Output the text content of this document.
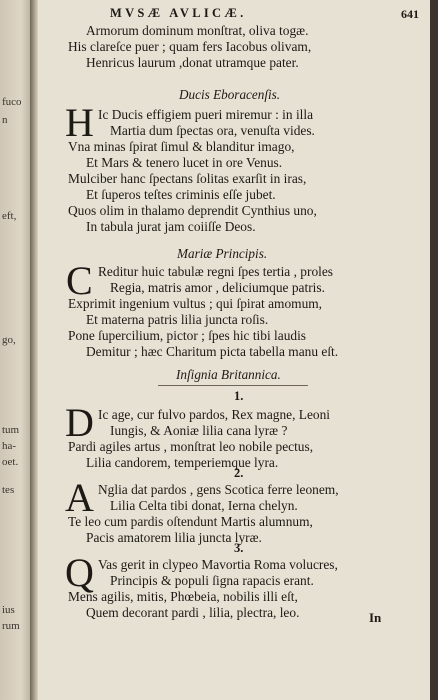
fuco
n
eft,
go,
tum
ha-
oet.
tes
ius
rum
MVSÆ AVLICÆ.	641
Armorum dominum monſtrat, oliva togæ.
His clareſce puer ; quam fers Iacobus olivam,
Henricus laurum ,donat utramque pater.
Ducis Eboracenſis.
H Ic Ducis effigiem pueri miremur : in illa
Martia dum ſpectas ora, venuſta vides.
Vna minas ſpirat ſimul & blanditur imago,
Et Mars & tenero lucet in ore Venus.
Mulciber hanc ſpectans ſolitas exarſit in iras,
Et ſuperos teſtes criminis eſſe jubet.
Quos olim in thalamo deprendit Cynthius uno,
In tabula jurat jam coiiſſe Deos.
Mariæ Principis.
C Reditur huic tabulæ regni ſpes tertia , proles
Regia, matris amor , deliciumque patris.
Exprimit ingenium vultus ; qui ſpirat amomum,
Et materna patris lilia juncta roſis.
Pone ſupercilium, pictor ; ſpes hic tibi laudis
Demitur ; hæc Charitum picta tabella manu eſt.
Inſignia Britannica.
1.
D Ic age, cur fulvo pardos, Rex magne, Leoni
Iungis, & Aoniæ lilia cana lyræ ?
Pardi agiles artus , monſtrat leo nobile pectus,
Lilia candorem, temperiemque lyra.
2.
A Nglia dat pardos , gens Scotica ferre leonem,
Lilia Celta tibi donat, Ierna chelyn.
Te leo cum pardis oſtendunt Martis alumnum,
Pacis amatorem lilia juncta lyræ.
3.
Q Vas gerit in clypeo Mavortia Roma volucres,
Principis & populi ſigna rapacis erant.
Mens agilis, mitis, Phœbeia, nobilis illi eſt,
Quem decorant pardi , lilia, plectra, leo.	In
